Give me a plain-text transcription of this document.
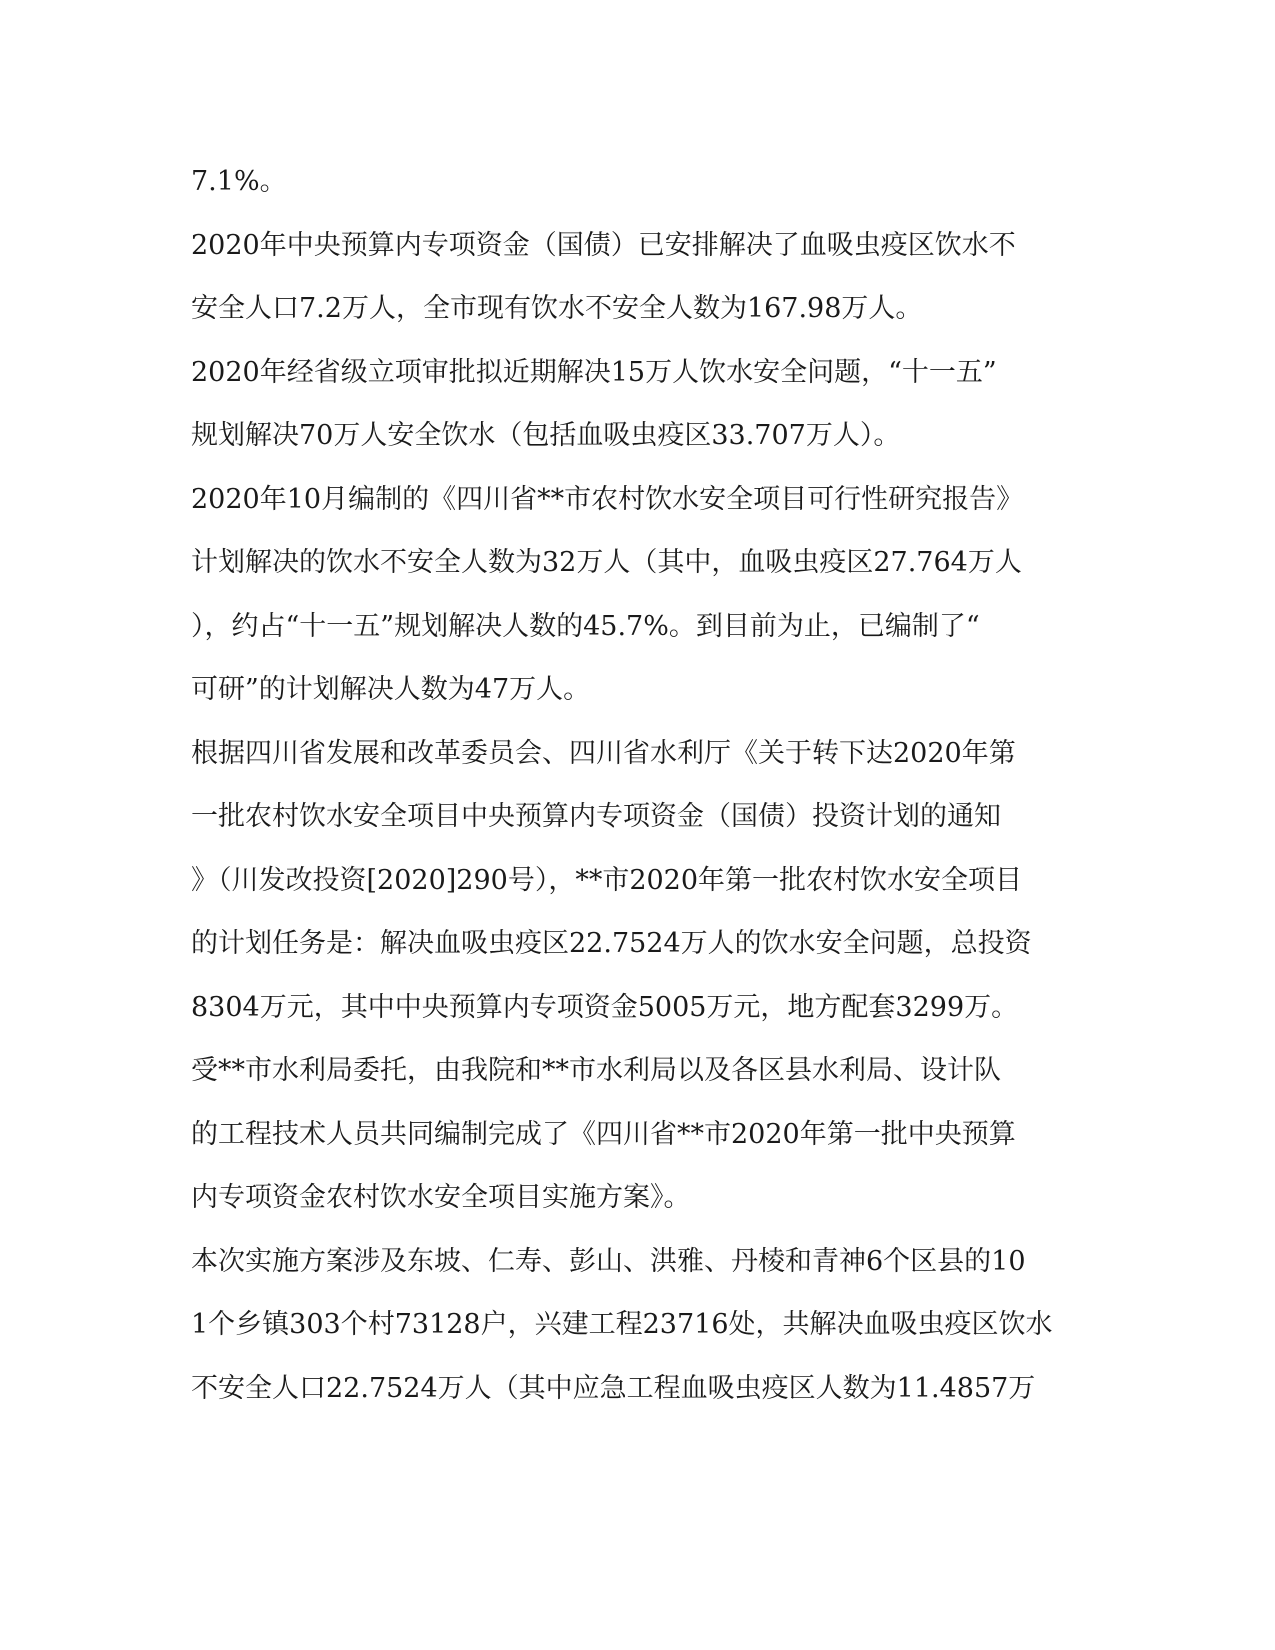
7.1%。
2020年中央预算内专项资金（国债）已安排解决了血吸虫疫区饮水不
安全人口7.2万人，全市现有饮水不安全人数为167.98万人。
2020年经省级立项审批拟近期解决15万人饮水安全问题，“十一五”
规划解决70万人安全饮水（包括血吸虫疫区33.707万人）。
2020年10月编制的《四川省**市农村饮水安全项目可行性研究报告》
计划解决的饮水不安全人数为32万人（其中，血吸虫疫区27.764万人
），约占“十一五”规划解决人数的45.7%。到目前为止，已编制了“
可研”的计划解决人数为47万人。
根据四川省发展和改革委员会、四川省水利厅《关于转下达2020年第
一批农村饮水安全项目中央预算内专项资金（国债）投资计划的通知
》（川发改投资[2020]290号），**市2020年第一批农村饮水安全项目
的计划任务是：解决血吸虫疫区22.7524万人的饮水安全问题，总投资
8304万元，其中中央预算内专项资金5005万元，地方配套3299万。
受**市水利局委托，由我院和**市水利局以及各区县水利局、设计队
的工程技术人员共同编制完成了《四川省**市2020年第一批中央预算
内专项资金农村饮水安全项目实施方案》。
本次实施方案涉及东坡、仁寿、彭山、洪雅、丹棱和青神6个区县的10
1个乡镇303个村73128户，兴建工程23716处，共解决血吸虫疫区饮水
不安全人口22.7524万人（其中应急工程血吸虫疫区人数为11.4857万
